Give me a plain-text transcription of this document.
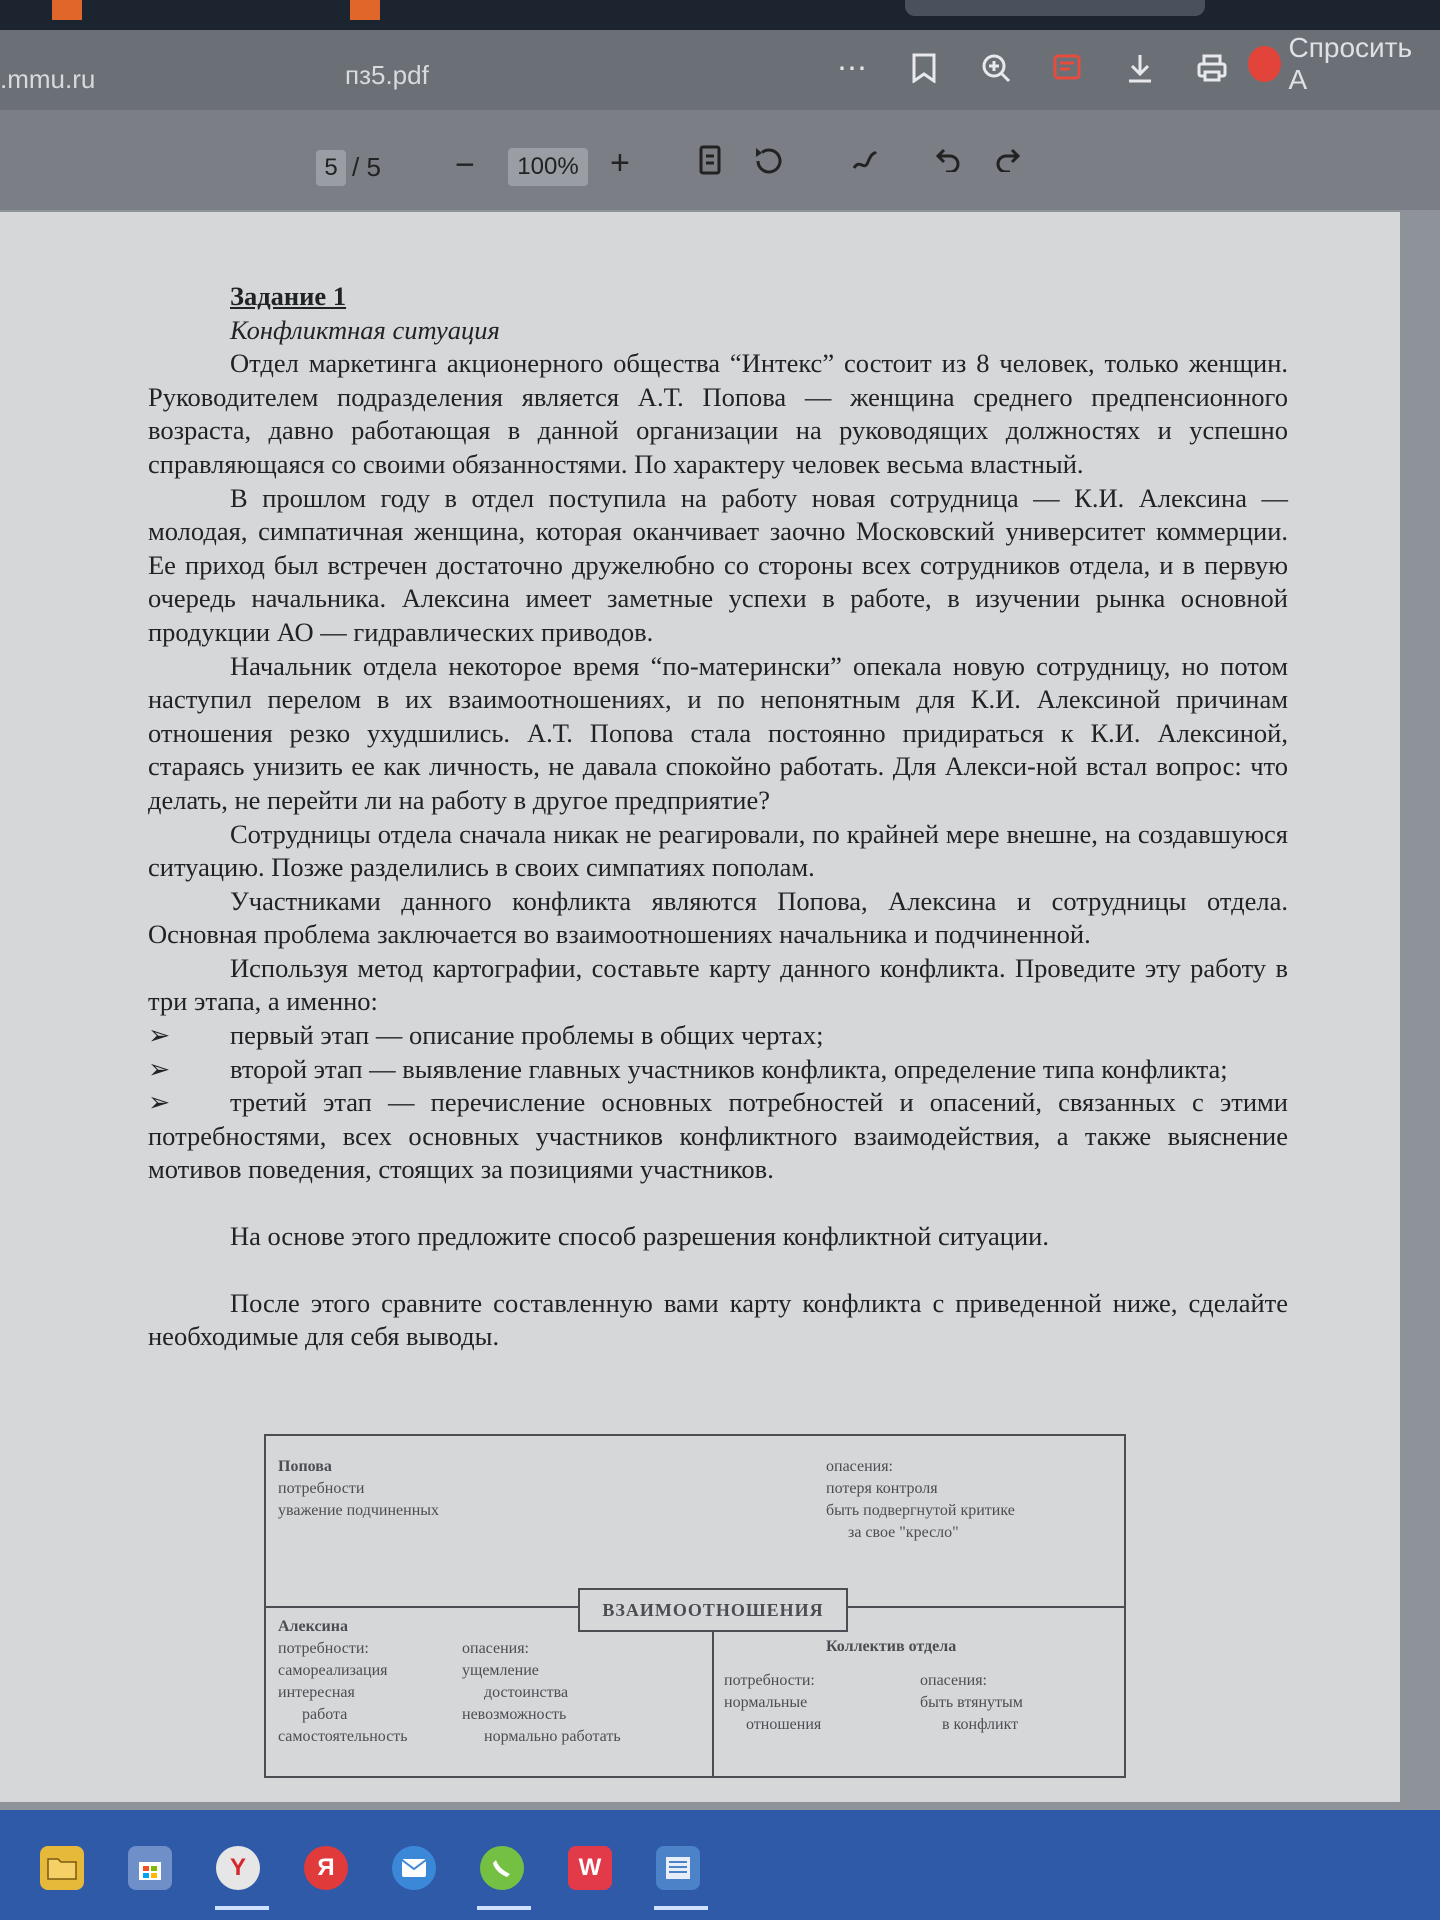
.mmu.ru	пз5.pdf	⋯
Спросить А
5 / 5 −	100% +

Задание 1

Конфликтная ситуация

Отдел маркетинга акционерного общества “Интекс” состоит из 8 человек, только женщин. Руководителем подразделения является А.Т. Попова — женщина среднего предпенсионного возраста, давно работающая в данной организации на руководящих должностях и успешно справляющаяся со своими обязанностями. По характеру человек весьма властный.

В прошлом году в отдел поступила на работу новая сотрудница — К.И. Алексина — молодая, симпатичная женщина, которая оканчивает заочно Московский университет коммерции. Ее приход был встречен достаточно дружелюбно со стороны всех сотрудников отдела, и в первую очередь начальника. Алексина имеет заметные успехи в работе, в изучении рынка основной продукции АО — гидравлических приводов.

Начальник отдела некоторое время “по-матерински” опекала новую сотрудницу, но потом наступил перелом в их взаимоотношениях, и по непонятным для К.И. Алексиной причинам отношения резко ухудшились. А.Т. Попова стала постоянно придираться к К.И. Алексиной, стараясь унизить ее как личность, не давала спокойно работать. Для Алекси-ной встал вопрос: что делать, не перейти ли на работу в другое предприятие?

Сотрудницы отдела сначала никак не реагировали, по крайней мере внешне, на создавшуюся ситуацию. Позже разделились в своих симпатиях пополам.

Участниками данного конфликта являются Попова, Алексина и сотрудницы отдела. Основная проблема заключается во взаимоотношениях начальника и подчиненной.

Используя метод картографии, составьте карту данного конфликта. Проведите эту работу в три этапа, а именно:

➢ первый этап — описание проблемы в общих чертах;

➢ второй этап — выявление главных участников конфликта, определение типа конфликта;

➢ третий этап — перечисление основных потребностей и опасений, связанных с этими потребностями, всех основных участников конфликтного взаимодействия, а также выяснение мотивов поведения, стоящих за позициями участников.

На основе этого предложите способ разрешения конфликтной ситуации.

После этого сравните составленную вами карту конфликта с приведенной ниже, сделайте необходимые для себя выводы.

Попова
потребности
уважение подчиненных
опасения:
потеря контроля
быть подвергнутой критике
за свое "кресло"
ВЗАИМООТНОШЕНИЯ
Алексина
потребности:
самореализация
интересная
работа
самостоятельность
опасения:
ущемление
достоинства
невозможность
нормально работать
Коллектив отдела
потребности:
нормальные
отношения
опасения:
быть втянутым
в конфликт
Y	Я	W
